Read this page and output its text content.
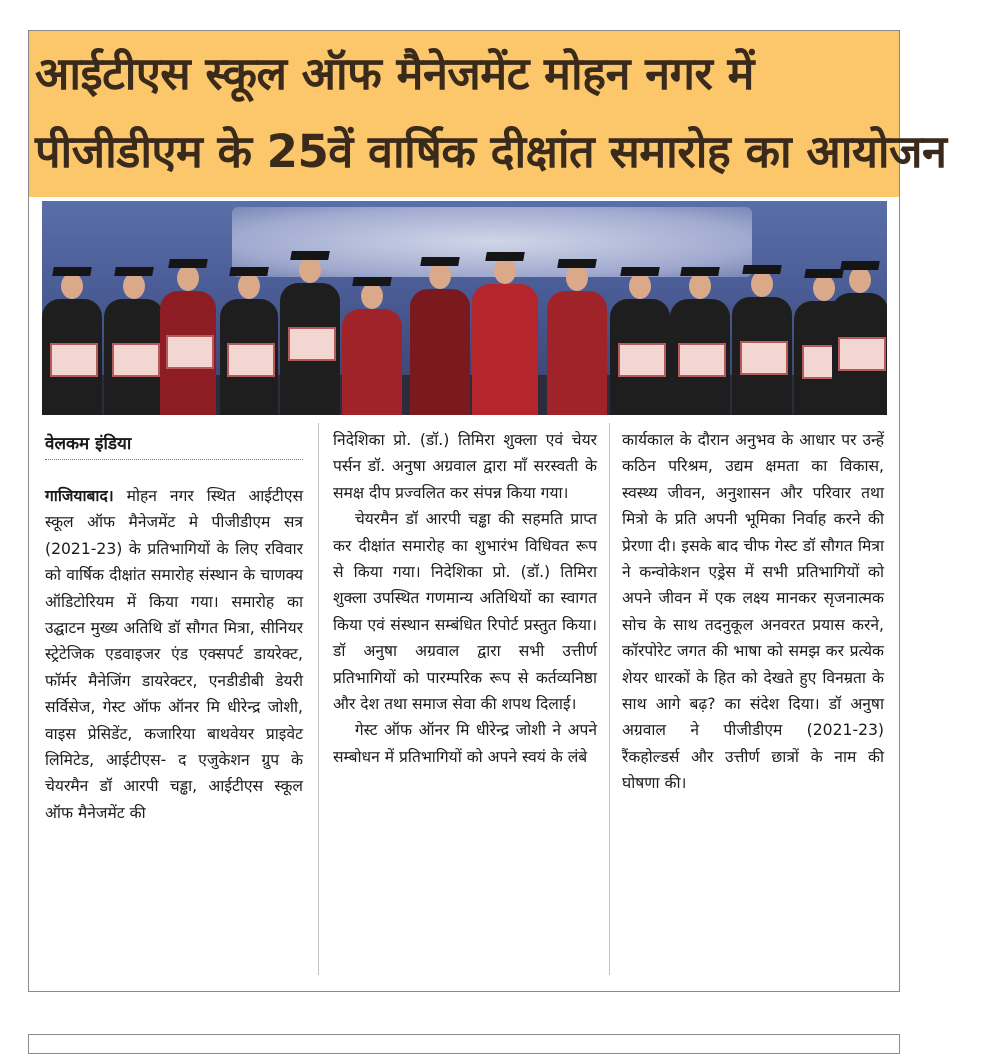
आईटीएस स्कूल ऑफ मैनेजमेंट मोहन नगर में
पीजीडीएम के 25वें वार्षिक दीक्षांत समारोह का आयोजन
वेलकम इंडिया

गाजियाबाद। मोहन नगर स्थित आईटीएस स्कूल ऑफ मैनेजमेंट मे पीजीडीएम सत्र (2021-23) के प्रतिभागियों के लिए रविवार को वार्षिक दीक्षांत समारोह संस्थान के चाणक्य ऑडिटोरियम में किया गया। समारोह का उद्घाटन मुख्य अतिथि डॉ सौगत मित्रा, सीनियर स्ट्रेटेजिक एडवाइजर एंड एक्सपर्ट डायरेक्ट, फॉर्मर मैनेजिंग डायरेक्टर, एनडीडीबी डेयरी सर्विसेज, गेस्ट ऑफ ऑनर मि धीरेन्द्र जोशी, वाइस प्रेसिडेंट, कजारिया बाथवेयर प्राइवेट लिमिटेड, आईटीएस- द एजुकेशन ग्रुप के चेयरमैन डॉ आरपी चड्ढा, आईटीएस स्कूल ऑफ मैनेजमेंट की

निदेशिका प्रो. (डॉ.) तिमिरा शुक्ला एवं चेयर पर्सन डॉ. अनुषा अग्रवाल द्वारा माँ सरस्वती के समक्ष दीप प्रज्वलित कर संपन्न किया गया।

चेयरमैन डॉ आरपी चड्ढा की सहमति प्राप्त कर दीक्षांत समारोह का शुभारंभ विधिवत रूप से किया गया। निदेशिका प्रो. (डॉ.) तिमिरा शुक्ला उपस्थित गणमान्य अतिथियों का स्वागत किया एवं संस्थान सम्बंधित रिपोर्ट प्रस्तुत किया। डॉ अनुषा अग्रवाल द्वारा सभी उत्तीर्ण प्रतिभागियों को पारम्परिक रूप से कर्तव्यनिष्ठा और देश तथा समाज सेवा की शपथ दिलाई।

गेस्ट ऑफ ऑनर मि धीरेन्द्र जोशी ने अपने सम्बोधन में प्रतिभागियों को अपने स्वयं के लंबे

कार्यकाल के दौरान अनुभव के आधार पर उन्हें कठिन परिश्रम, उद्यम क्षमता का विकास, स्वस्थ्य जीवन, अनुशासन और परिवार तथा मित्रो के प्रति अपनी भूमिका निर्वाह करने की प्रेरणा दी। इसके बाद चीफ गेस्ट डॉ सौगत मित्रा ने कन्वोकेशन एड्रेस में सभी प्रतिभागियों को अपने जीवन में एक लक्ष्य मानकर सृजनात्मक सोच के साथ तदनुकूल अनवरत प्रयास करने, कॉरपोरेट जगत की भाषा को समझ कर प्रत्येक शेयर धारकों के हित को देखते हुए विनम्रता के साथ आगे बढ़? का संदेश दिया। डॉ अनुषा अग्रवाल ने पीजीडीएम (2021-23) रैंकहोल्डर्स और उत्तीर्ण छात्रों के नाम की घोषणा की।
